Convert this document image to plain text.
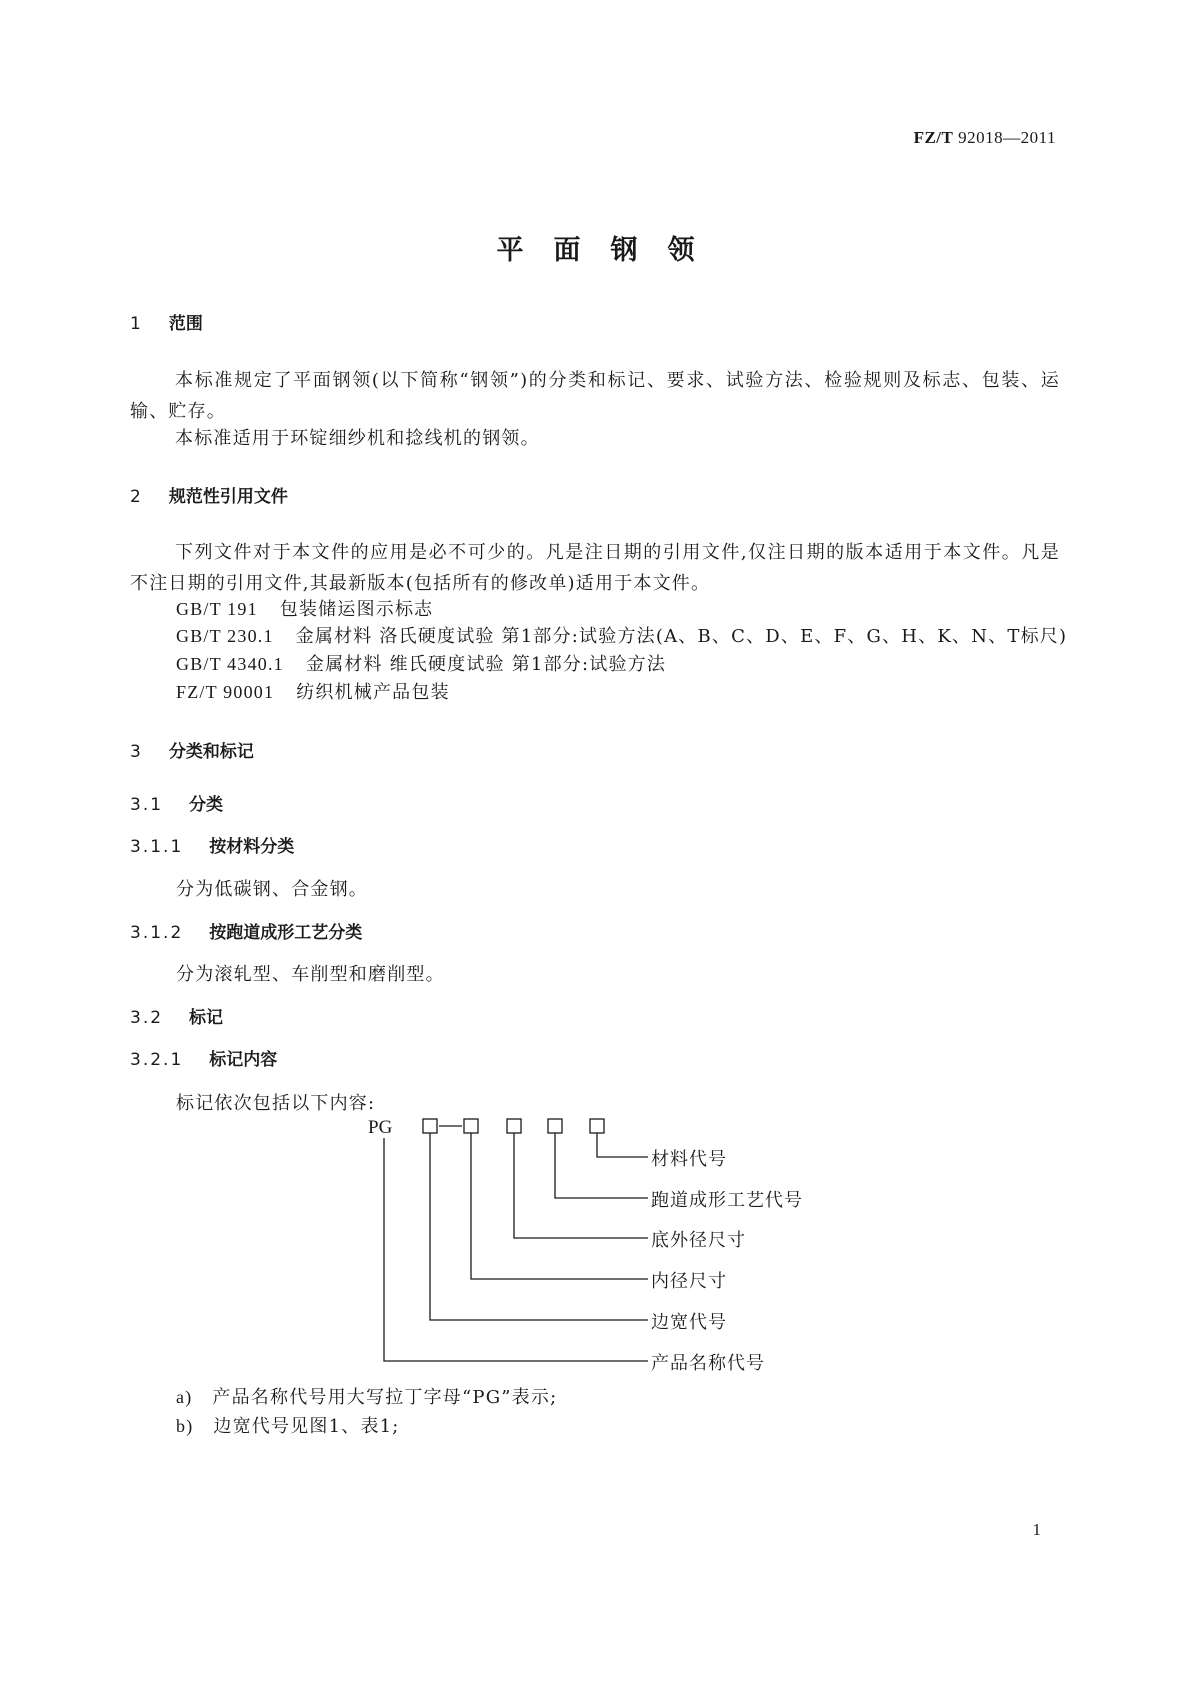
FZ/T 92018—2011
平面钢领
1 范围
本标准规定了平面钢领(以下简称“钢领”)的分类和标记、要求、试验方法、检验规则及标志、包装、运输、贮存。
本标准适用于环锭细纱机和捻线机的钢领。
2 规范性引用文件
下列文件对于本文件的应用是必不可少的。凡是注日期的引用文件,仅注日期的版本适用于本文件。凡是不注日期的引用文件,其最新版本(包括所有的修改单)适用于本文件。
GB/T 191 包装储运图示标志
GB/T 230.1 金属材料 洛氏硬度试验 第1部分:试验方法(A、B、C、D、E、F、G、H、K、N、T标尺)
GB/T 4340.1 金属材料 维氏硬度试验 第1部分:试验方法
FZ/T 90001 纺织机械产品包装
3 分类和标记
3.1 分类
3.1.1 按材料分类
分为低碳钢、合金钢。
3.1.2 按跑道成形工艺分类
分为滚轧型、车削型和磨削型。
3.2 标记
3.2.1 标记内容
标记依次包括以下内容:
PG
材料代号
跑道成形工艺代号
底外径尺寸
内径尺寸
边宽代号
产品名称代号
a) 产品名称代号用大写拉丁字母“PG”表示;
b) 边宽代号见图1、表1;
1
